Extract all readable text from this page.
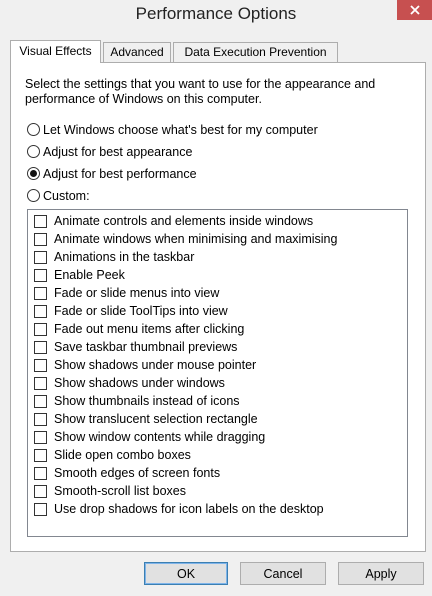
Performance Options
Visual Effects	Advanced	Data Execution Prevention
Select the settings that you want to use for the appearance and performance of Windows on this computer.
Let Windows choose what's best for my computer
Adjust for best appearance
Adjust for best performance
Custom:
Animate controls and elements inside windows
Animate windows when minimising and maximising
Animations in the taskbar
Enable Peek
Fade or slide menus into view
Fade or slide ToolTips into view
Fade out menu items after clicking
Save taskbar thumbnail previews
Show shadows under mouse pointer
Show shadows under windows
Show thumbnails instead of icons
Show translucent selection rectangle
Show window contents while dragging
Slide open combo boxes
Smooth edges of screen fonts
Smooth-scroll list boxes
Use drop shadows for icon labels on the desktop
OK	Cancel	Apply
